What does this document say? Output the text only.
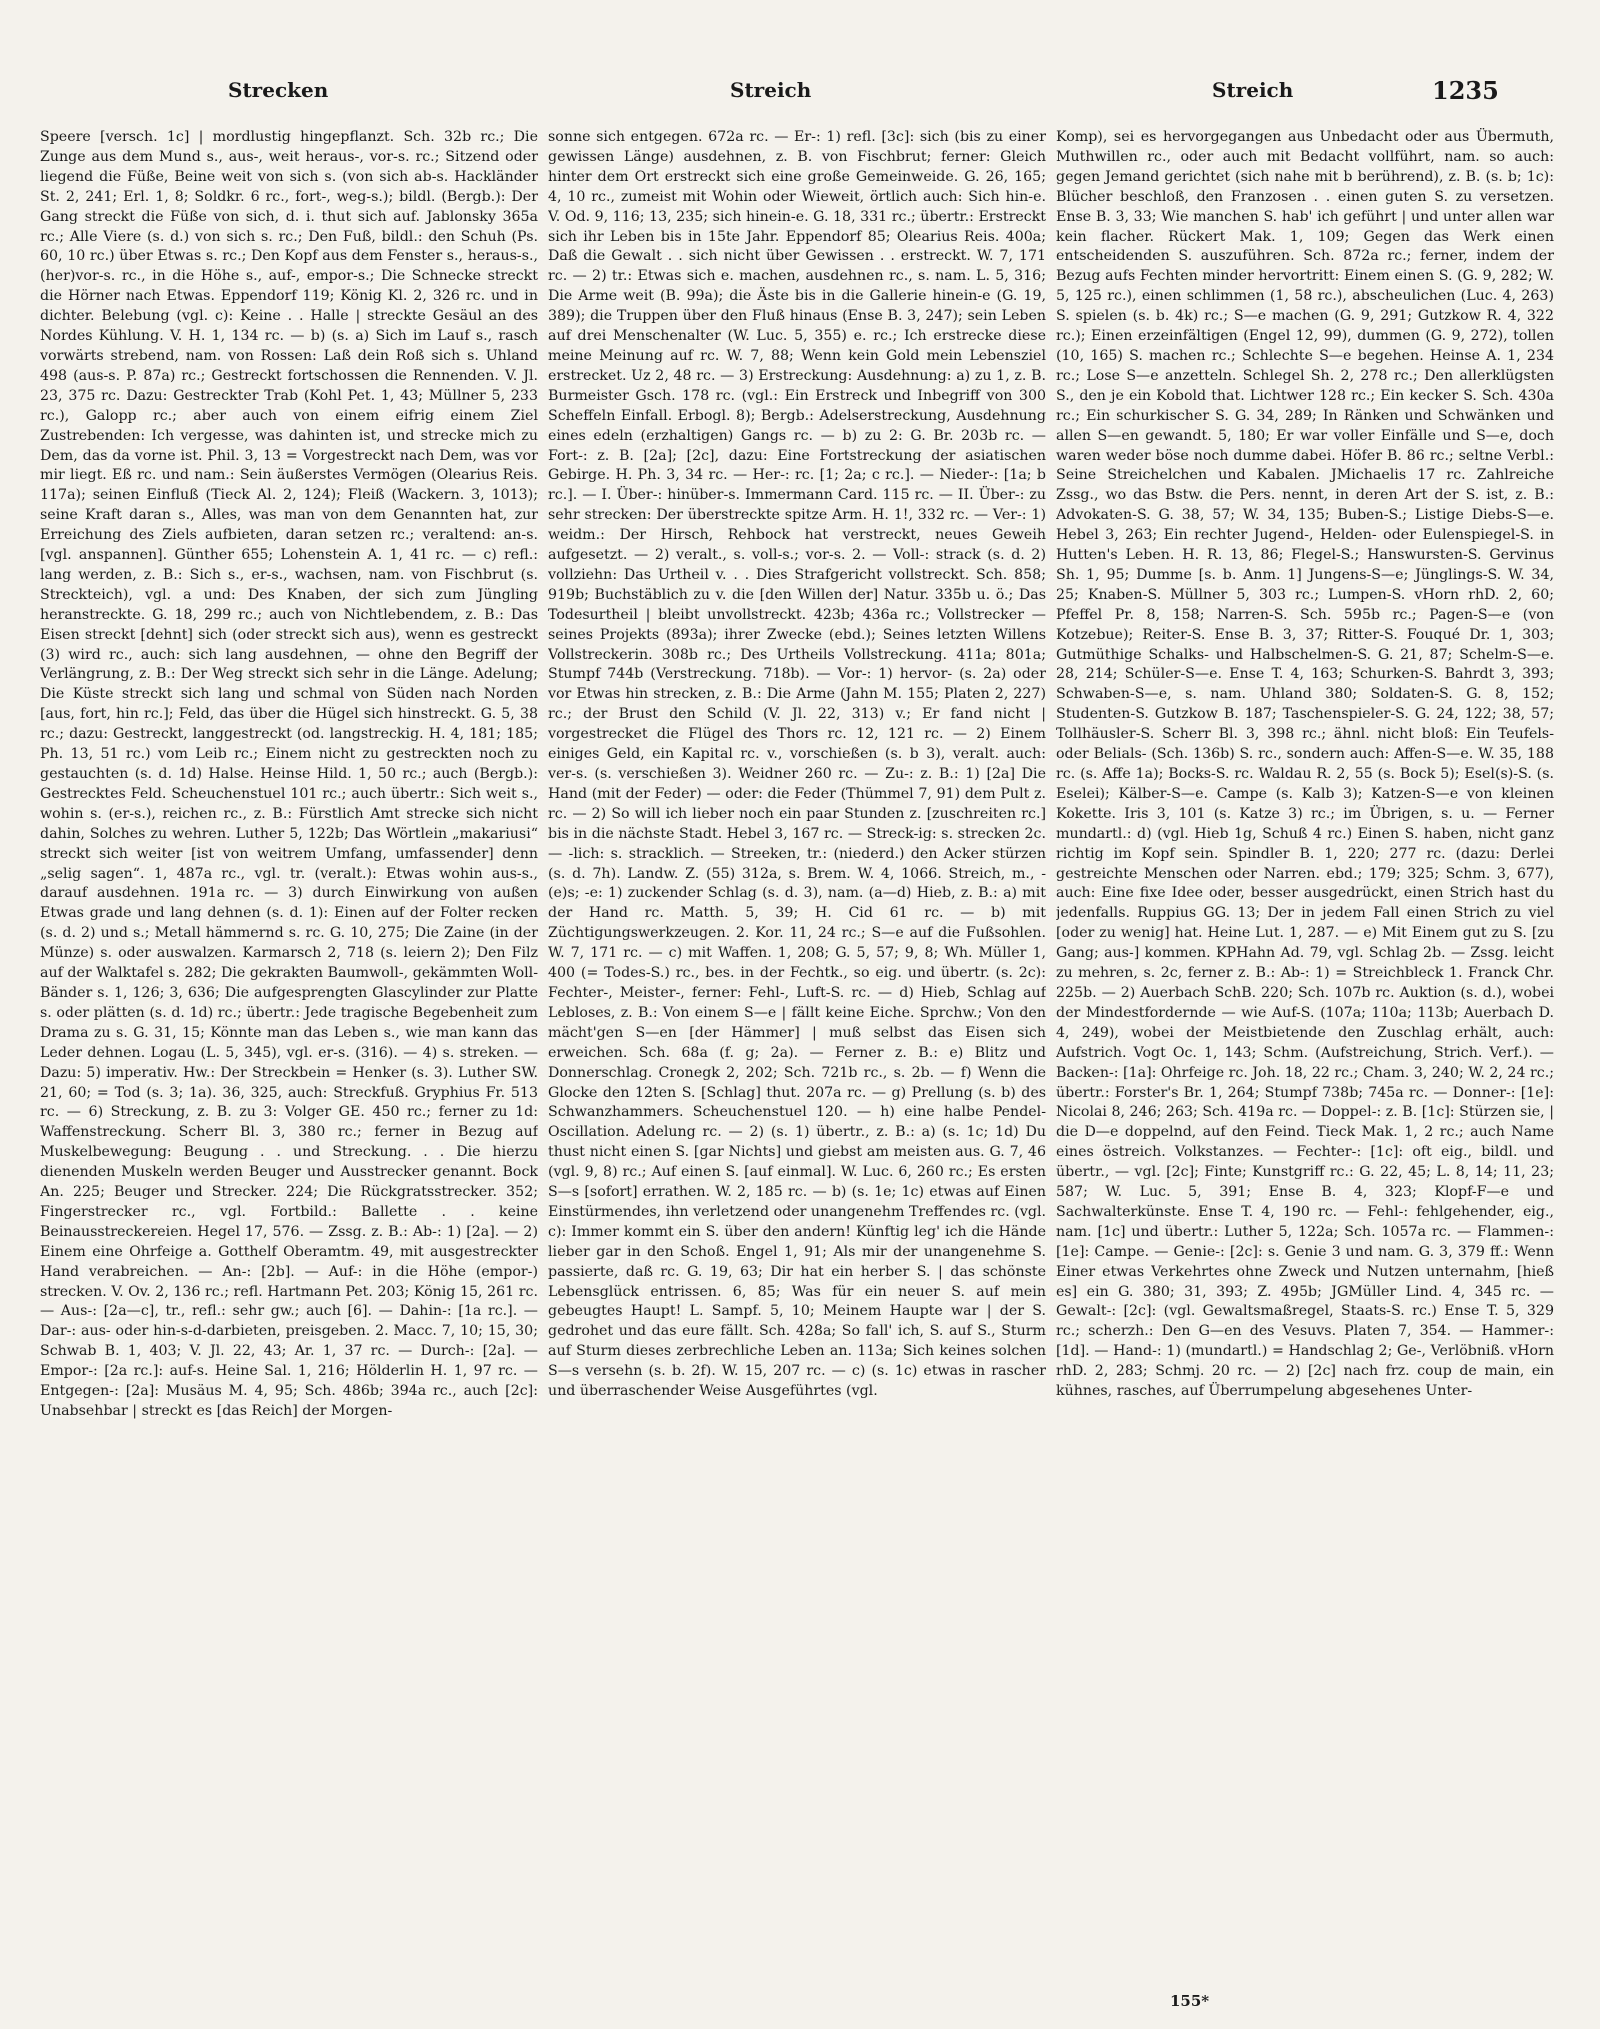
Strecken	Streich	Streich	1235

Speere [versch. 1c] | mordlustig hingepflanzt. Sch. 32b rc.; Die Zunge aus dem Mund s., aus-, weit heraus-, vor-s. rc.; Sitzend oder liegend die Füße, Beine weit von sich s. (von sich ab-s. Hackländer St. 2, 241; Erl. 1, 8; Soldkr. 6 rc., fort-, weg-s.); bildl. (Bergb.): Der Gang streckt die Füße von sich, d. i. thut sich auf. Jablonsky 365a rc.; Alle Viere (s. d.) von sich s. rc.; Den Fuß, bildl.: den Schuh (Ps. 60, 10 rc.) über Etwas s. rc.; Den Kopf aus dem Fenster s., heraus-s., (her)vor-s. rc., in die Höhe s., auf-, empor-s.; Die Schnecke streckt die Hörner nach Etwas. Eppendorf 119; König Kl. 2, 326 rc. und in dichter. Belebung (vgl. c): Keine . . Halle | streckte Gesäul an des Nordes Kühlung. V. H. 1, 134 rc. — b) (s. a) Sich im Lauf s., rasch vorwärts strebend, nam. von Rossen: Laß dein Roß sich s. Uhland 498 (aus-s. P. 87a) rc.; Gestreckt fortschossen die Rennenden. V. Jl. 23, 375 rc. Dazu: Gestreckter Trab (Kohl Pet. 1, 43; Müllner 5, 233 rc.), Galopp rc.; aber auch von einem eifrig einem Ziel Zustrebenden: Ich vergesse, was dahinten ist, und strecke mich zu Dem, das da vorne ist. Phil. 3, 13 = Vorgestreckt nach Dem, was vor mir liegt. Eß rc. und nam.: Sein äußerstes Vermögen (Olearius Reis. 117a); seinen Einfluß (Tieck Al. 2, 124); Fleiß (Wackern. 3, 1013); seine Kraft daran s., Alles, was man von dem Genannten hat, zur Erreichung des Ziels aufbieten, daran setzen rc.; veraltend: an-s. [vgl. anspannen]. Günther 655; Lohenstein A. 1, 41 rc. — c) refl.: lang werden, z. B.: Sich s., er-s., wachsen, nam. von Fischbrut (s. Streckteich), vgl. a und: Des Knaben, der sich zum Jüngling heranstreckte. G. 18, 299 rc.; auch von Nichtlebendem, z. B.: Das Eisen streckt [dehnt] sich (oder streckt sich aus), wenn es gestreckt (3) wird rc., auch: sich lang ausdehnen, — ohne den Begriff der Verlängrung, z. B.: Der Weg streckt sich sehr in die Länge. Adelung; Die Küste streckt sich lang und schmal von Süden nach Norden [aus, fort, hin rc.]; Feld, das über die Hügel sich hinstreckt. G. 5, 38 rc.; dazu: Gestreckt, langgestreckt (od. langstreckig. H. 4, 181; 185; Ph. 13, 51 rc.) vom Leib rc.; Einem nicht zu gestreckten noch zu gestauchten (s. d. 1d) Halse. Heinse Hild. 1, 50 rc.; auch (Bergb.): Gestrecktes Feld. Scheuchenstuel 101 rc.; auch übertr.: Sich weit s., wohin s. (er-s.), reichen rc., z. B.: Fürstlich Amt strecke sich nicht dahin, Solches zu wehren. Luther 5, 122b; Das Wörtlein „makariusi“ streckt sich weiter [ist von weitrem Umfang, umfassender] denn „selig sagen“. 1, 487a rc., vgl. tr. (veralt.): Etwas wohin aus-s., darauf ausdehnen. 191a rc. — 3) durch Einwirkung von außen Etwas grade und lang dehnen (s. d. 1): Einen auf der Folter recken (s. d. 2) und s.; Metall hämmernd s. rc. G. 10, 275; Die Zaine (in der Münze) s. oder auswalzen. Karmarsch 2, 718 (s. leiern 2); Den Filz auf der Walktafel s. 282; Die gekrakten Baumwoll-, gekämmten Woll-Bänder s. 1, 126; 3, 636; Die aufgesprengten Glascylinder zur Platte s. oder plätten (s. d. 1d) rc.; übertr.: Jede tragische Begebenheit zum Drama zu s. G. 31, 15; Könnte man das Leben s., wie man kann das Leder dehnen. Logau (L. 5, 345), vgl. er-s. (316). — 4) s. streken. — Dazu: 5) imperativ. Hw.: Der Streckbein = Henker (s. 3). Luther SW. 21, 60; = Tod (s. 3; 1a). 36, 325, auch: Streckfuß. Gryphius Fr. 513 rc. — 6) Streckung, z. B. zu 3: Volger GE. 450 rc.; ferner zu 1d: Waffenstreckung. Scherr Bl. 3, 380 rc.; ferner in Bezug auf Muskelbewegung: Beugung . . und Streckung. . . Die hierzu dienenden Muskeln werden Beuger und Ausstrecker genannt. Bock An. 225; Beuger und Strecker. 224; Die Rückgratsstrecker. 352; Fingerstrecker rc., vgl. Fortbild.: Ballette . . keine Beinausstreckereien. Hegel 17, 576. — Zssg. z. B.: Ab-: 1) [2a]. — 2) Einem eine Ohrfeige a. Gotthelf Oberamtm. 49, mit ausgestreckter Hand verabreichen. — An-: [2b]. — Auf-: in die Höhe (empor-) strecken. V. Ov. 2, 136 rc.; refl. Hartmann Pet. 203; König 15, 261 rc. — Aus-: [2a—c], tr., refl.: sehr gw.; auch [6]. — Dahin-: [1a rc.]. — Dar-: aus- oder hin-s-d-darbieten, preisgeben. 2. Macc. 7, 10; 15, 30; Schwab B. 1, 403; V. Jl. 22, 43; Ar. 1, 37 rc. — Durch-: [2a]. — Empor-: [2a rc.]: auf-s. Heine Sal. 1, 216; Hölderlin H. 1, 97 rc. — Entgegen-: [2a]: Musäus M. 4, 95; Sch. 486b; 394a rc., auch [2c]: Unabsehbar | streckt es [das Reich] der Morgen-

sonne sich entgegen. 672a rc. — Er-: 1) refl. [3c]: sich (bis zu einer gewissen Länge) ausdehnen, z. B. von Fischbrut; ferner: Gleich hinter dem Ort erstreckt sich eine große Gemeinweide. G. 26, 165; 4, 10 rc., zumeist mit Wohin oder Wieweit, örtlich auch: Sich hin-e. V. Od. 9, 116; 13, 235; sich hinein-e. G. 18, 331 rc.; übertr.: Erstreckt sich ihr Leben bis in 15te Jahr. Eppendorf 85; Olearius Reis. 400a; Daß die Gewalt . . sich nicht über Gewissen . . erstreckt. W. 7, 171 rc. — 2) tr.: Etwas sich e. machen, ausdehnen rc., s. nam. L. 5, 316; Die Arme weit (B. 99a); die Äste bis in die Gallerie hinein-e (G. 19, 389); die Truppen über den Fluß hinaus (Ense B. 3, 247); sein Leben auf drei Menschenalter (W. Luc. 5, 355) e. rc.; Ich erstrecke diese meine Meinung auf rc. W. 7, 88; Wenn kein Gold mein Lebensziel erstrecket. Uz 2, 48 rc. — 3) Erstreckung: Ausdehnung: a) zu 1, z. B. Burmeister Gsch. 178 rc. (vgl.: Ein Erstreck und Inbegriff von 300 Scheffeln Einfall. Erbogl. 8); Bergb.: Adelserstreckung, Ausdehnung eines edeln (erzhaltigen) Gangs rc. — b) zu 2: G. Br. 203b rc. — Fort-: z. B. [2a]; [2c], dazu: Eine Fortstreckung der asiatischen Gebirge. H. Ph. 3, 34 rc. — Her-: rc. [1; 2a; c rc.]. — Nieder-: [1a; b rc.]. — I. Über-: hinüber-s. Immermann Card. 115 rc. — II. Über-: zu sehr strecken: Der überstreckte spitze Arm. H. 1!, 332 rc. — Ver-: 1) weidm.: Der Hirsch, Rehbock hat verstreckt, neues Geweih aufgesetzt. — 2) veralt., s. voll-s.; vor-s. 2. — Voll-: strack (s. d. 2) vollziehn: Das Urtheil v. . . Dies Strafgericht vollstreckt. Sch. 858; 919b; Buchstäblich zu v. die [den Willen der] Natur. 335b u. ö.; Das Todesurtheil | bleibt unvollstreckt. 423b; 436a rc.; Vollstrecker — seines Projekts (893a); ihrer Zwecke (ebd.); Seines letzten Willens Vollstreckerin. 308b rc.; Des Urtheils Vollstreckung. 411a; 801a; Stumpf 744b (Verstreckung. 718b). — Vor-: 1) hervor- (s. 2a) oder vor Etwas hin strecken, z. B.: Die Arme (Jahn M. 155; Platen 2, 227) rc.; der Brust den Schild (V. Jl. 22, 313) v.; Er fand nicht | vorgestrecket die Flügel des Thors rc. 12, 121 rc. — 2) Einem einiges Geld, ein Kapital rc. v., vorschießen (s. b 3), veralt. auch: ver-s. (s. verschießen 3). Weidner 260 rc. — Zu-: z. B.: 1) [2a] Die Hand (mit der Feder) — oder: die Feder (Thümmel 7, 91) dem Pult z. rc. — 2) So will ich lieber noch ein paar Stunden z. [zuschreiten rc.] bis in die nächste Stadt. Hebel 3, 167 rc. — Streck-ig: s. strecken 2c. — -lich: s. stracklich. — Streeken, tr.: (niederd.) den Acker stürzen (s. d. 7h). Landw. Z. (55) 312a, s. Brem. W. 4, 1066. Streich, m., -(e)s; -e: 1) zuckender Schlag (s. d. 3), nam. (a—d) Hieb, z. B.: a) mit der Hand rc. Matth. 5, 39; H. Cid 61 rc. — b) mit Züchtigungswerkzeugen. 2. Kor. 11, 24 rc.; S—e auf die Fußsohlen. W. 7, 171 rc. — c) mit Waffen. 1, 208; G. 5, 57; 9, 8; Wh. Müller 1, 400 (= Todes-S.) rc., bes. in der Fechtk., so eig. und übertr. (s. 2c): Fechter-, Meister-, ferner: Fehl-, Luft-S. rc. — d) Hieb, Schlag auf Lebloses, z. B.: Von einem S—e | fällt keine Eiche. Sprchw.; Von den mächt'gen S—en [der Hämmer] | muß selbst das Eisen sich erweichen. Sch. 68a (f. g; 2a). — Ferner z. B.: e) Blitz und Donnerschlag. Cronegk 2, 202; Sch. 721b rc., s. 2b. — f) Wenn die Glocke den 12ten S. [Schlag] thut. 207a rc. — g) Prellung (s. b) des Schwanzhammers. Scheuchenstuel 120. — h) eine halbe Pendel-Oscillation. Adelung rc. — 2) (s. 1) übertr., z. B.: a) (s. 1c; 1d) Du thust nicht einen S. [gar Nichts] und giebst am meisten aus. G. 7, 46 (vgl. 9, 8) rc.; Auf einen S. [auf einmal]. W. Luc. 6, 260 rc.; Es ersten S—s [sofort] errathen. W. 2, 185 rc. — b) (s. 1e; 1c) etwas auf Einen Einstürmendes, ihn verletzend oder unangenehm Treffendes rc. (vgl. c): Immer kommt ein S. über den andern! Künftig leg' ich die Hände lieber gar in den Schoß. Engel 1, 91; Als mir der unangenehme S. passierte, daß rc. G. 19, 63; Dir hat ein herber S. | das schönste Lebensglück entrissen. 6, 85; Was für ein neuer S. auf mein gebeugtes Haupt! L. Sampf. 5, 10; Meinem Haupte war | der S. gedrohet und das eure fällt. Sch. 428a; So fall' ich, S. auf S., Sturm auf Sturm dieses zerbrechliche Leben an. 113a; Sich keines solchen S—s versehn (s. b. 2f). W. 15, 207 rc. — c) (s. 1c) etwas in rascher und überraschender Weise Ausgeführtes (vgl.

Komp), sei es hervorgegangen aus Unbedacht oder aus Übermuth, Muthwillen rc., oder auch mit Bedacht vollführt, nam. so auch: gegen Jemand gerichtet (sich nahe mit b berührend), z. B. (s. b; 1c): Blücher beschloß, den Franzosen . . einen guten S. zu versetzen. Ense B. 3, 33; Wie manchen S. hab' ich geführt | und unter allen war kein flacher. Rückert Mak. 1, 109; Gegen das Werk einen entscheidenden S. auszuführen. Sch. 872a rc.; ferner, indem der Bezug aufs Fechten minder hervortritt: Einem einen S. (G. 9, 282; W. 5, 125 rc.), einen schlimmen (1, 58 rc.), abscheulichen (Luc. 4, 263) S. spielen (s. b. 4k) rc.; S—e machen (G. 9, 291; Gutzkow R. 4, 322 rc.); Einen erzeinfältigen (Engel 12, 99), dummen (G. 9, 272), tollen (10, 165) S. machen rc.; Schlechte S—e begehen. Heinse A. 1, 234 rc.; Lose S—e anzetteln. Schlegel Sh. 2, 278 rc.; Den allerklügsten S., den je ein Kobold that. Lichtwer 128 rc.; Ein kecker S. Sch. 430a rc.; Ein schurkischer S. G. 34, 289; In Ränken und Schwänken und allen S—en gewandt. 5, 180; Er war voller Einfälle und S—e, doch waren weder böse noch dumme dabei. Höfer B. 86 rc.; seltne Verbl.: Seine Streichelchen und Kabalen. JMichaelis 17 rc. Zahlreiche Zssg., wo das Bstw. die Pers. nennt, in deren Art der S. ist, z. B.: Advokaten-S. G. 38, 57; W. 34, 135; Buben-S.; Listige Diebs-S—e. Hebel 3, 263; Ein rechter Jugend-, Helden- oder Eulenspiegel-S. in Hutten's Leben. H. R. 13, 86; Flegel-S.; Hanswursten-S. Gervinus Sh. 1, 95; Dumme [s. b. Anm. 1] Jungens-S—e; Jünglings-S. W. 34, 25; Knaben-S. Müllner 5, 303 rc.; Lumpen-S. vHorn rhD. 2, 60; Pfeffel Pr. 8, 158; Narren-S. Sch. 595b rc.; Pagen-S—e (von Kotzebue); Reiter-S. Ense B. 3, 37; Ritter-S. Fouqué Dr. 1, 303; Gutmüthige Schalks- und Halbschelmen-S. G. 21, 87; Schelm-S—e. 28, 214; Schüler-S—e. Ense T. 4, 163; Schurken-S. Bahrdt 3, 393; Schwaben-S—e, s. nam. Uhland 380; Soldaten-S. G. 8, 152; Studenten-S. Gutzkow B. 187; Taschenspieler-S. G. 24, 122; 38, 57; Tollhäusler-S. Scherr Bl. 3, 398 rc.; ähnl. nicht bloß: Ein Teufels- oder Belials- (Sch. 136b) S. rc., sondern auch: Affen-S—e. W. 35, 188 rc. (s. Affe 1a); Bocks-S. rc. Waldau R. 2, 55 (s. Bock 5); Esel(s)-S. (s. Eselei); Kälber-S—e. Campe (s. Kalb 3); Katzen-S—e von kleinen Kokette. Iris 3, 101 (s. Katze 3) rc.; im Übrigen, s. u. — Ferner mundartl.: d) (vgl. Hieb 1g, Schuß 4 rc.) Einen S. haben, nicht ganz richtig im Kopf sein. Spindler B. 1, 220; 277 rc. (dazu: Derlei gestreichte Menschen oder Narren. ebd.; 179; 325; Schm. 3, 677), auch: Eine fixe Idee oder, besser ausgedrückt, einen Strich hast du jedenfalls. Ruppius GG. 13; Der in jedem Fall einen Strich zu viel [oder zu wenig] hat. Heine Lut. 1, 287. — e) Mit Einem gut zu S. [zu Gang; aus-] kommen. KPHahn Ad. 79, vgl. Schlag 2b. — Zssg. leicht zu mehren, s. 2c, ferner z. B.: Ab-: 1) = Streichbleck 1. Franck Chr. 225b. — 2) Auerbach SchB. 220; Sch. 107b rc. Auktion (s. d.), wobei der Mindestfordernde — wie Auf-S. (107a; 110a; 113b; Auerbach D. 4, 249), wobei der Meistbietende den Zuschlag erhält, auch: Aufstrich. Vogt Oc. 1, 143; Schm. (Aufstreichung, Strich. Verf.). — Backen-: [1a]: Ohrfeige rc. Joh. 18, 22 rc.; Cham. 3, 240; W. 2, 24 rc.; übertr.: Forster's Br. 1, 264; Stumpf 738b; 745a rc. — Donner-: [1e]: Nicolai 8, 246; 263; Sch. 419a rc. — Doppel-: z. B. [1c]: Stürzen sie, | die D—e doppelnd, auf den Feind. Tieck Mak. 1, 2 rc.; auch Name eines östreich. Volkstanzes. — Fechter-: [1c]: oft eig., bildl. und übertr., — vgl. [2c]; Finte; Kunstgriff rc.: G. 22, 45; L. 8, 14; 11, 23; 587; W. Luc. 5, 391; Ense B. 4, 323; Klopf-F—e und Sachwalterkünste. Ense T. 4, 190 rc. — Fehl-: fehlgehender, eig., nam. [1c] und übertr.: Luther 5, 122a; Sch. 1057a rc. — Flammen-: [1e]: Campe. — Genie-: [2c]: s. Genie 3 und nam. G. 3, 379 ff.: Wenn Einer etwas Verkehrtes ohne Zweck und Nutzen unternahm, [hieß es] ein G. 380; 31, 393; Z. 495b; JGMüller Lind. 4, 345 rc. — Gewalt-: [2c]: (vgl. Gewaltsmaßregel, Staats-S. rc.) Ense T. 5, 329 rc.; scherzh.: Den G—en des Vesuvs. Platen 7, 354. — Hammer-: [1d]. — Hand-: 1) (mundartl.) = Handschlag 2; Ge-, Verlöbniß. vHorn rhD. 2, 283; Schmj. 20 rc. — 2) [2c] nach frz. coup de main, ein kühnes, rasches, auf Überrumpelung abgesehenes Unter-

155*
